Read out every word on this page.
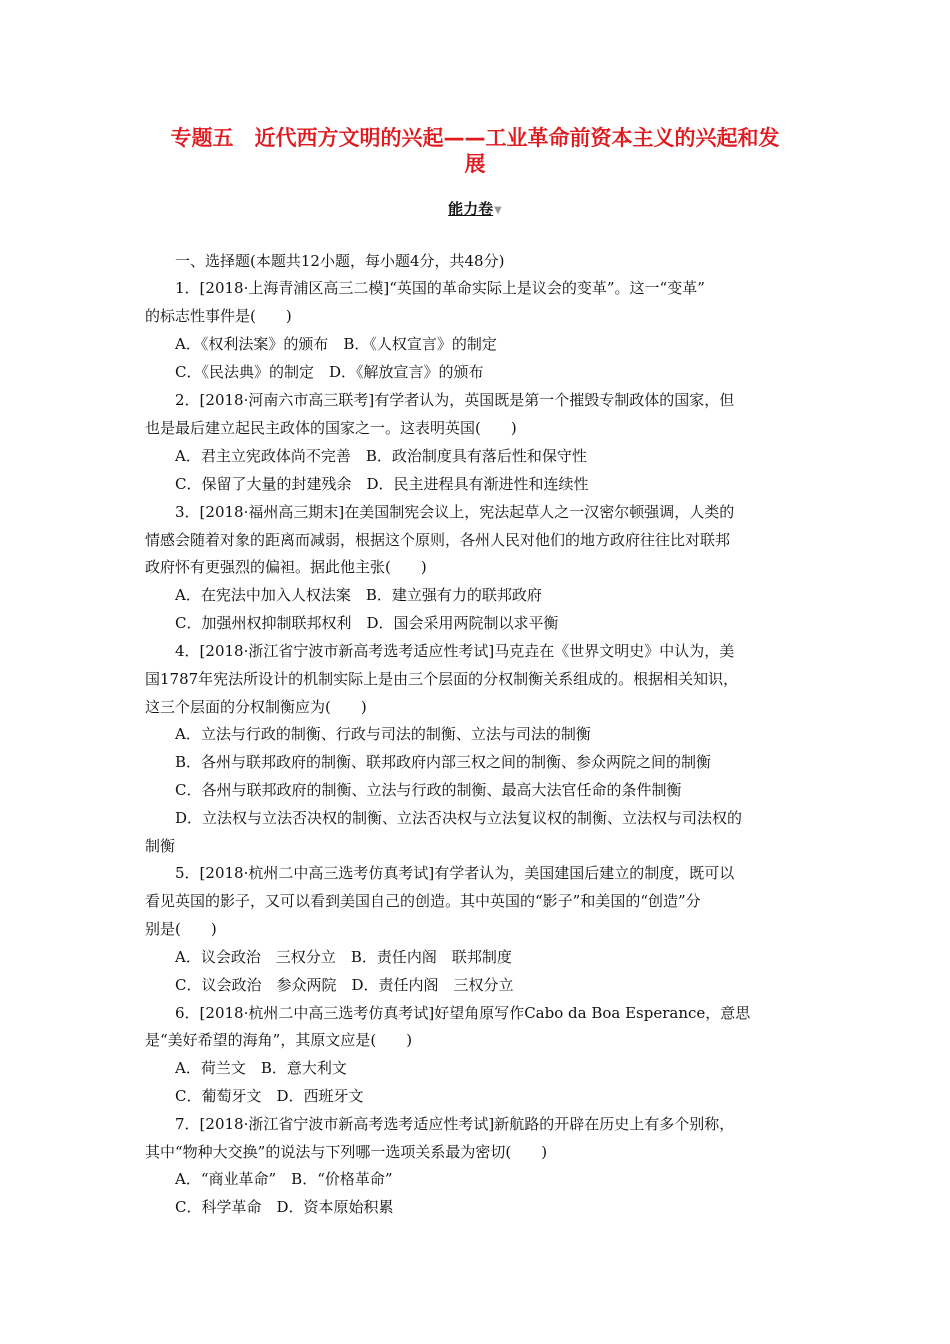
专题五　近代西方文明的兴起——工业革命前资本主义的兴起和发
展
能力卷▼
一、选择题(本题共12小题，每小题4分，共48分)
1．[2018·上海青浦区高三二模]“英国的革命实际上是议会的变革”。这一“变革”
的标志性事件是(　　)
A．《权利法案》的颁布　B．《人权宣言》的制定
C．《民法典》的制定　D．《解放宣言》的颁布
2．[2018·河南六市高三联考]有学者认为，英国既是第一个摧毁专制政体的国家，但
也是最后建立起民主政体的国家之一。这表明英国(　　)
A．君主立宪政体尚不完善　B．政治制度具有落后性和保守性
C．保留了大量的封建残余　D．民主进程具有渐进性和连续性
3．[2018·福州高三期末]在美国制宪会议上，宪法起草人之一汉密尔顿强调，人类的
情感会随着对象的距离而减弱，根据这个原则，各州人民对他们的地方政府往往比对联邦
政府怀有更强烈的偏袒。据此他主张(　　)
A．在宪法中加入人权法案　B．建立强有力的联邦政府
C．加强州权抑制联邦权利　D．国会采用两院制以求平衡
4．[2018·浙江省宁波市新高考选考适应性考试]马克垚在《世界文明史》中认为，美
国1787年宪法所设计的机制实际上是由三个层面的分权制衡关系组成的。根据相关知识，
这三个层面的分权制衡应为(　　)
A．立法与行政的制衡、行政与司法的制衡、立法与司法的制衡
B．各州与联邦政府的制衡、联邦政府内部三权之间的制衡、参众两院之间的制衡
C．各州与联邦政府的制衡、立法与行政的制衡、最高大法官任命的条件制衡
D．立法权与立法否决权的制衡、立法否决权与立法复议权的制衡、立法权与司法权的
制衡
5．[2018·杭州二中高三选考仿真考试]有学者认为，美国建国后建立的制度，既可以
看见英国的影子，又可以看到美国自己的创造。其中英国的“影子”和美国的“创造”分
别是(　　)
A．议会政治　三权分立　B．责任内阁　联邦制度
C．议会政治　参众两院　D．责任内阁　三权分立
6．[2018·杭州二中高三选考仿真考试]好望角原写作Cabo da Boa Esperance，意思
是“美好希望的海角”，其原文应是(　　)
A．荷兰文　B．意大利文
C．葡萄牙文　D．西班牙文
7．[2018·浙江省宁波市新高考选考适应性考试]新航路的开辟在历史上有多个别称，
其中“物种大交换”的说法与下列哪一选项关系最为密切(　　)
A．“商业革命”　B．“价格革命”
C．科学革命　D．资本原始积累
